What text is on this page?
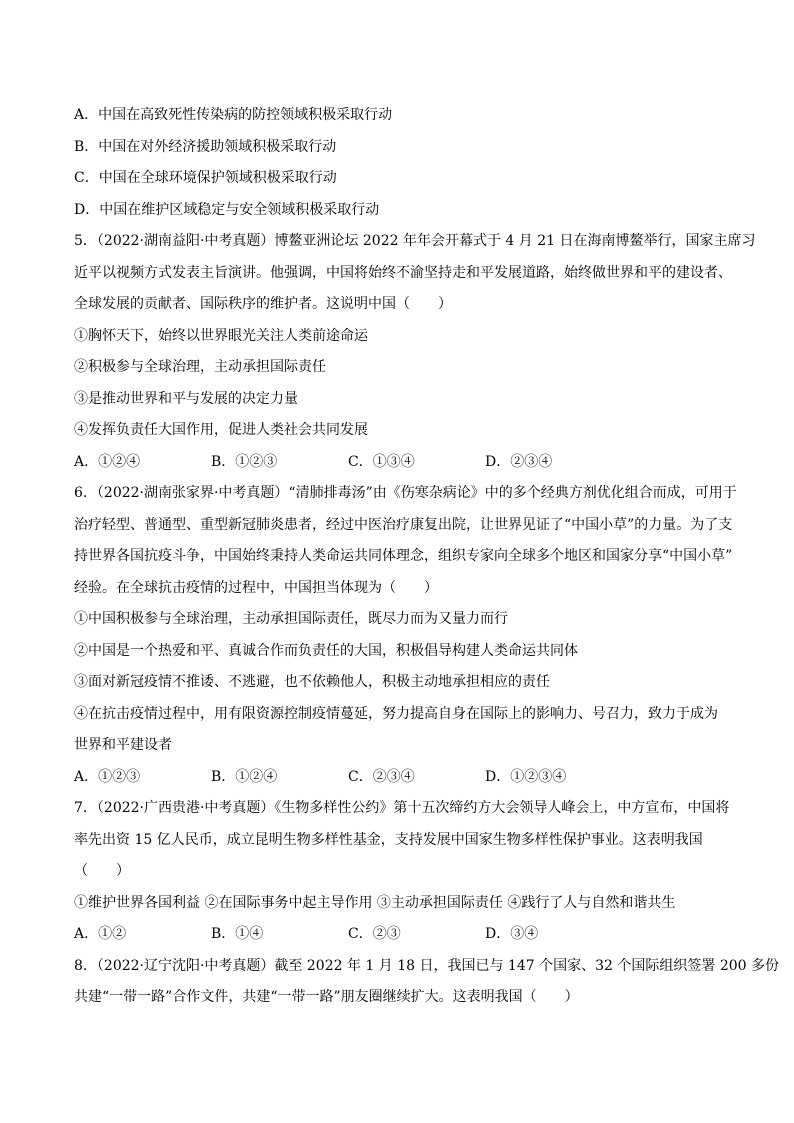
A．中国在高致死性传染病的防控领域积极采取行动
B．中国在对外经济援助领域积极采取行动
C．中国在全球环境保护领域积极采取行动
D．中国在维护区域稳定与安全领域积极采取行动
5．（2022·湖南益阳·中考真题）博鳌亚洲论坛 2022 年年会开幕式于 4 月 21 日在海南博鳌举行，国家主席习
近平以视频方式发表主旨演讲。他强调，中国将始终不渝坚持走和平发展道路，始终做世界和平的建设者、
全球发展的贡献者、国际秩序的维护者。这说明中国（　　）
①胸怀天下，始终以世界眼光关注人类前途命运
②积极参与全球治理，主动承担国际责任
③是推动世界和平与发展的决定力量
④发挥负责任大国作用，促进人类社会共同发展
A．①②④	B．①②③	C．①③④	D．②③④
6．（2022·湖南张家界·中考真题）“清肺排毒汤”由《伤寒杂病论》中的多个经典方剂优化组合而成，可用于
治疗轻型、普通型、重型新冠肺炎患者，经过中医治疗康复出院，让世界见证了“中国小草”的力量。为了支
持世界各国抗疫斗争，中国始终秉持人类命运共同体理念，组织专家向全球多个地区和国家分享“中国小草”
经验。在全球抗击疫情的过程中，中国担当体现为（　　）
①中国积极参与全球治理，主动承担国际责任，既尽力而为又量力而行
②中国是一个热爱和平、真诚合作而负责任的大国，积极倡导构建人类命运共同体
③面对新冠疫情不推诿、不逃避，也不依赖他人，积极主动地承担相应的责任
④在抗击疫情过程中，用有限资源控制疫情蔓延，努力提高自身在国际上的影响力、号召力，致力于成为
世界和平建设者
A．①②③	B．①②④	C．②③④	D．①②③④
7．（2022·广西贵港·中考真题）《生物多样性公约》第十五次缔约方大会领导人峰会上，中方宣布，中国将
率先出资 15 亿人民币，成立昆明生物多样性基金，支持发展中国家生物多样性保护事业。这表明我国
（　　）
①维护世界各国利益 ②在国际事务中起主导作用 ③主动承担国际责任 ④践行了人与自然和谐共生
A．①②	B．①④	C．②③	D．③④
8．（2022·辽宁沈阳·中考真题）截至 2022 年 1 月 18 日，我国已与 147 个国家、32 个国际组织签署 200 多份
共建“一带一路”合作文件，共建“一带一路”朋友圈继续扩大。这表明我国（　　）
